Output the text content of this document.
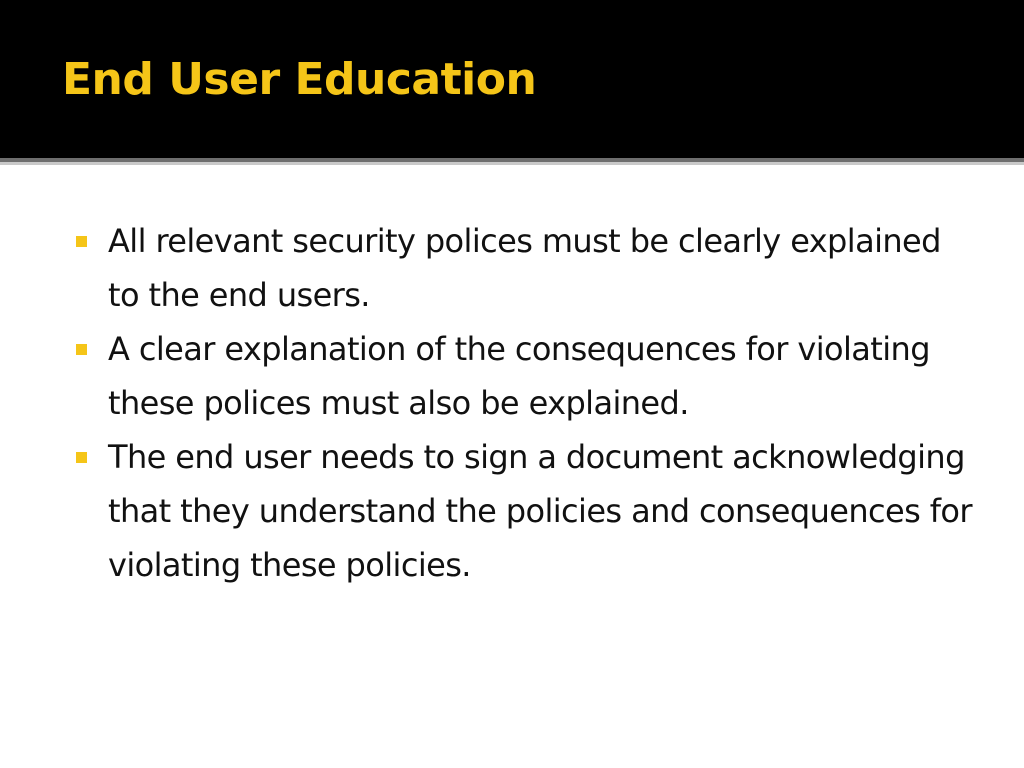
End User Education
All relevant security polices must be clearly explained to the end users.
A clear explanation of the consequences for violating these polices must also be explained.
The end user needs to sign a document acknowledging that they understand the policies and consequences for violating these policies.
